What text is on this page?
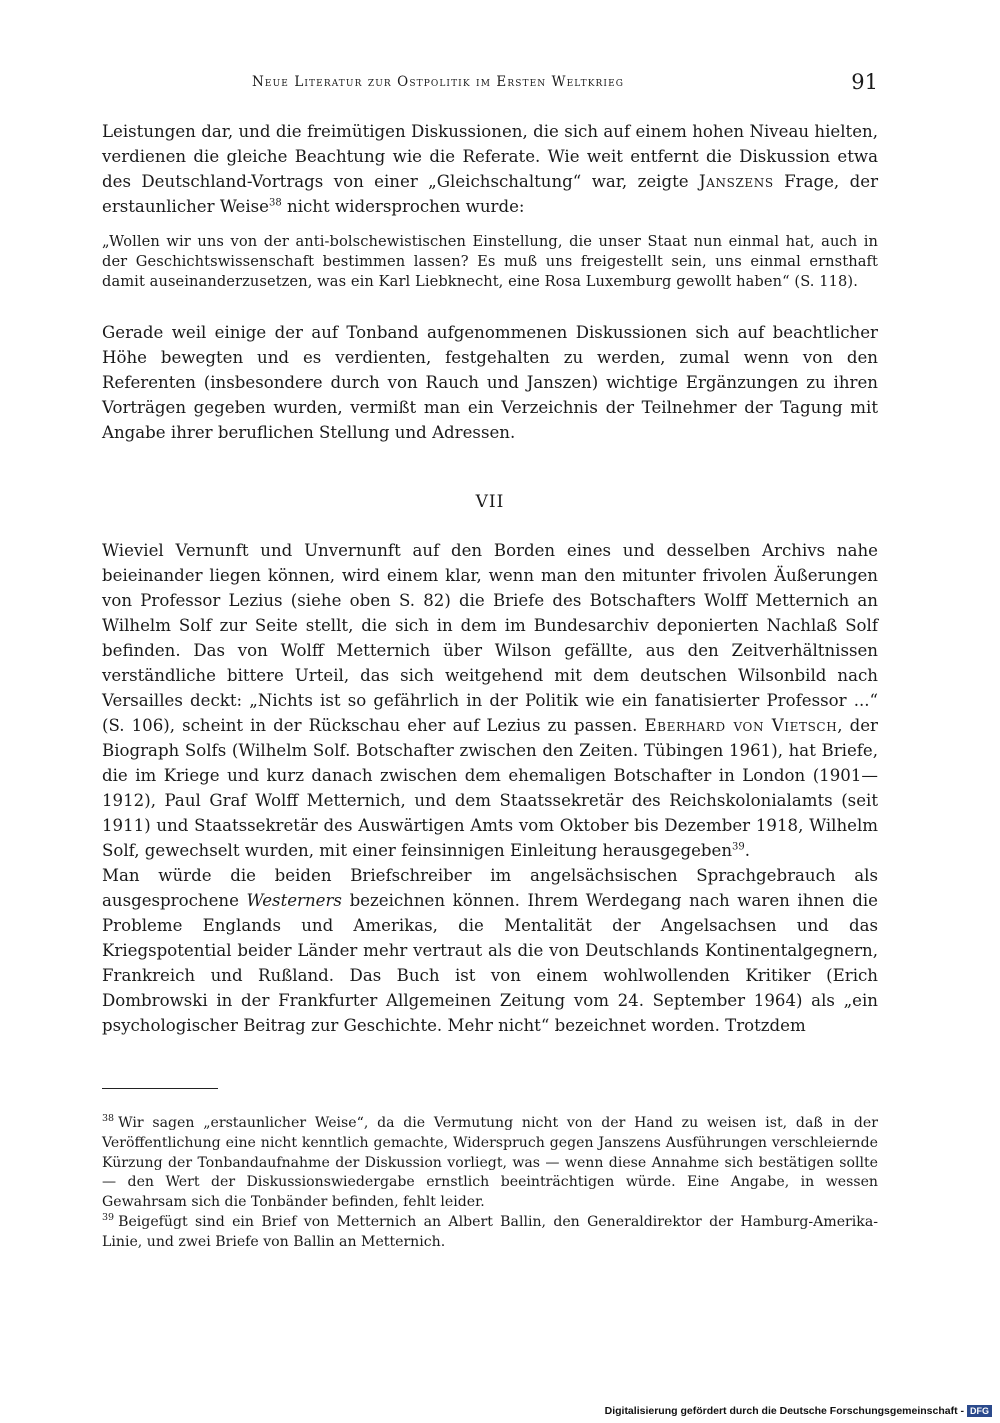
Neue Literatur zur Ostpolitik im Ersten Weltkrieg	91

Leistungen dar, und die freimütigen Diskussionen, die sich auf einem hohen Niveau hielten, verdienen die gleiche Beachtung wie die Referate. Wie weit entfernt die Diskussion etwa des Deutschland-Vortrags von einer „Gleichschaltung“ war, zeigte Janszens Frage, der erstaunlicher Weise$^{38}$ nicht widersprochen wurde:

„Wollen wir uns von der anti-bolschewistischen Einstellung, die unser Staat nun einmal hat, auch in der Geschichtswissenschaft bestimmen lassen? Es muß uns freigestellt sein, uns einmal ernsthaft damit auseinanderzusetzen, was ein Karl Liebknecht, eine Rosa Luxemburg gewollt haben“ (S. 118).

Gerade weil einige der auf Tonband aufgenommenen Diskussionen sich auf beachtlicher Höhe bewegten und es verdienten, festgehalten zu werden, zumal wenn von den Referenten (insbesondere durch von Rauch und Janszen) wichtige Ergänzungen zu ihren Vorträgen gegeben wurden, vermißt man ein Verzeichnis der Teilnehmer der Tagung mit Angabe ihrer beruflichen Stellung und Adressen.

VII

Wieviel Vernunft und Unvernunft auf den Borden eines und desselben Archivs nahe beieinander liegen können, wird einem klar, wenn man den mitunter frivolen Äußerungen von Professor Lezius (siehe oben S. 82) die Briefe des Botschafters Wolff Metternich an Wilhelm Solf zur Seite stellt, die sich in dem im Bundesarchiv deponierten Nachlaß Solf befinden. Das von Wolff Metternich über Wilson gefällte, aus den Zeitverhältnissen verständliche bittere Urteil, das sich weitgehend mit dem deutschen Wilsonbild nach Versailles deckt: „Nichts ist so gefährlich in der Politik wie ein fanatisierter Professor ...“ (S. 106), scheint in der Rückschau eher auf Lezius zu passen. Eberhard von Vietsch, der Biograph Solfs (Wilhelm Solf. Botschafter zwischen den Zeiten. Tübingen 1961), hat Briefe, die im Kriege und kurz danach zwischen dem ehemaligen Botschafter in London (1901—1912), Paul Graf Wolff Metternich, und dem Staatssekretär des Reichskolonialamts (seit 1911) und Staatssekretär des Auswärtigen Amts vom Oktober bis Dezember 1918, Wilhelm Solf, gewechselt wurden, mit einer feinsinnigen Einleitung herausgegeben$^{39}$.

Man würde die beiden Briefschreiber im angelsächsischen Sprachgebrauch als ausgesprochene Westerners bezeichnen können. Ihrem Werdegang nach waren ihnen die Probleme Englands und Amerikas, die Mentalität der Angelsachsen und das Kriegspotential beider Länder mehr vertraut als die von Deutschlands Kontinentalgegnern, Frankreich und Rußland. Das Buch ist von einem wohlwollenden Kritiker (Erich Dombrowski in der Frankfurter Allgemeinen Zeitung vom 24. September 1964) als „ein psychologischer Beitrag zur Geschichte. Mehr nicht“ bezeichnet worden. Trotzdem

$^{38}$ Wir sagen „erstaunlicher Weise“, da die Vermutung nicht von der Hand zu weisen ist, daß in der Veröffentlichung eine nicht kenntlich gemachte, Widerspruch gegen Janszens Ausführungen verschleiernde Kürzung der Tonbandaufnahme der Diskussion vorliegt, was — wenn diese Annahme sich bestätigen sollte — den Wert der Diskussionswiedergabe ernstlich beeinträchtigen würde. Eine Angabe, in wessen Gewahrsam sich die Tonbänder befinden, fehlt leider.

$^{39}$ Beigefügt sind ein Brief von Metternich an Albert Ballin, den Generaldirektor der Hamburg-Amerika-Linie, und zwei Briefe von Ballin an Metternich.

Digitalisierung gefördert durch die Deutsche Forschungsgemeinschaft - DFG
